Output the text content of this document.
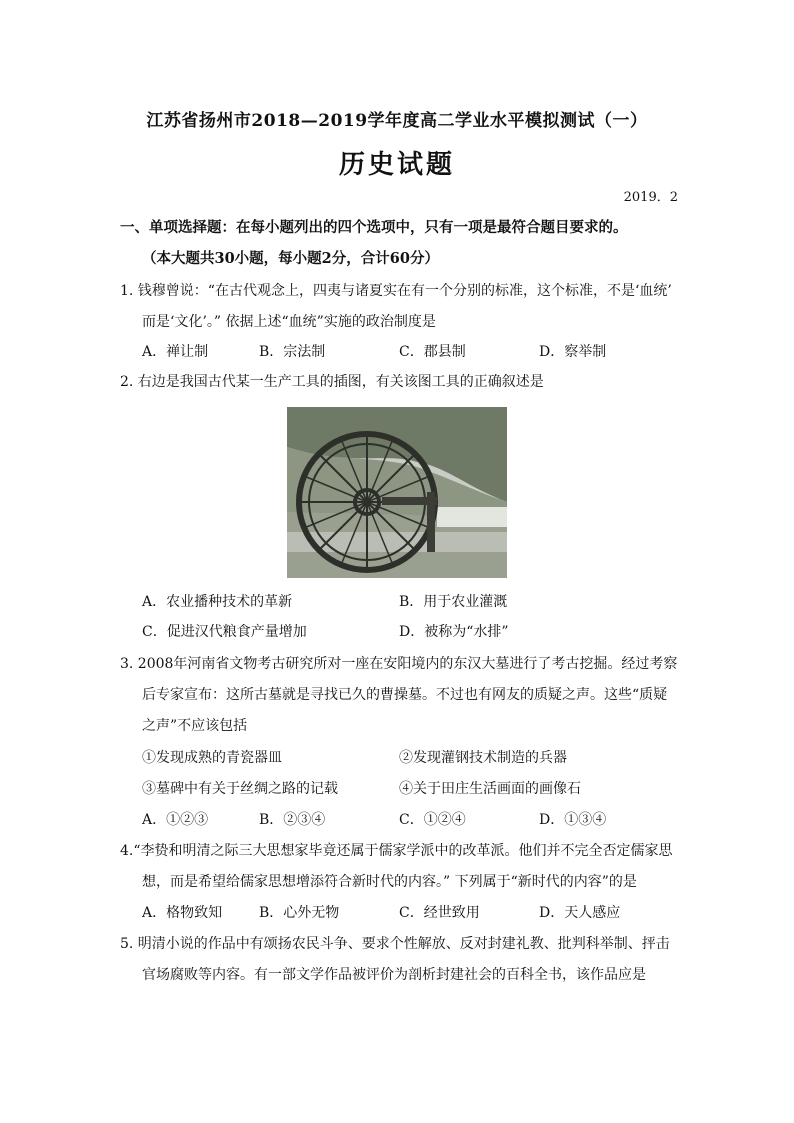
江苏省扬州市2018—2019学年度高二学业水平模拟测试（一）
历史试题
2019．2
一、单项选择题：在每小题列出的四个选项中，只有一项是最符合题目要求的。
（本大题共30小题，每小题2分，合计60分）
1. 钱穆曾说：“在古代观念上，四夷与诸夏实在有一个分别的标准，这个标准，不是‘血统’
而是‘文化’。” 依据上述“血统”实施的政治制度是
A．禅让制	B．宗法制	C．郡县制	D．察举制
2. 右边是我国古代某一生产工具的插图，有关该图工具的正确叙述是
A．农业播种技术的革新	B．用于农业灌溉
C．促进汉代粮食产量增加	D．被称为“水排”
3. 2008年河南省文物考古研究所对一座在安阳境内的东汉大墓进行了考古挖掘。经过考察
后专家宣布：这所古墓就是寻找已久的曹操墓。不过也有网友的质疑之声。这些“质疑
之声”不应该包括
①发现成熟的青瓷器皿	②发现灌钢技术制造的兵器
③墓碑中有关于丝绸之路的记载	④关于田庄生活画面的画像石
A．①②③	B．②③④	C．①②④	D．①③④
4.“李贽和明清之际三大思想家毕竟还属于儒家学派中的改革派。他们并不完全否定儒家思
想，而是希望给儒家思想增添符合新时代的内容。” 下列属于“新时代的内容”的是
A．格物致知	B．心外无物	C．经世致用	D．天人感应
5. 明清小说的作品中有颂扬农民斗争、要求个性解放、反对封建礼教、批判科举制、抨击
官场腐败等内容。有一部文学作品被评价为剖析封建社会的百科全书，该作品应是
